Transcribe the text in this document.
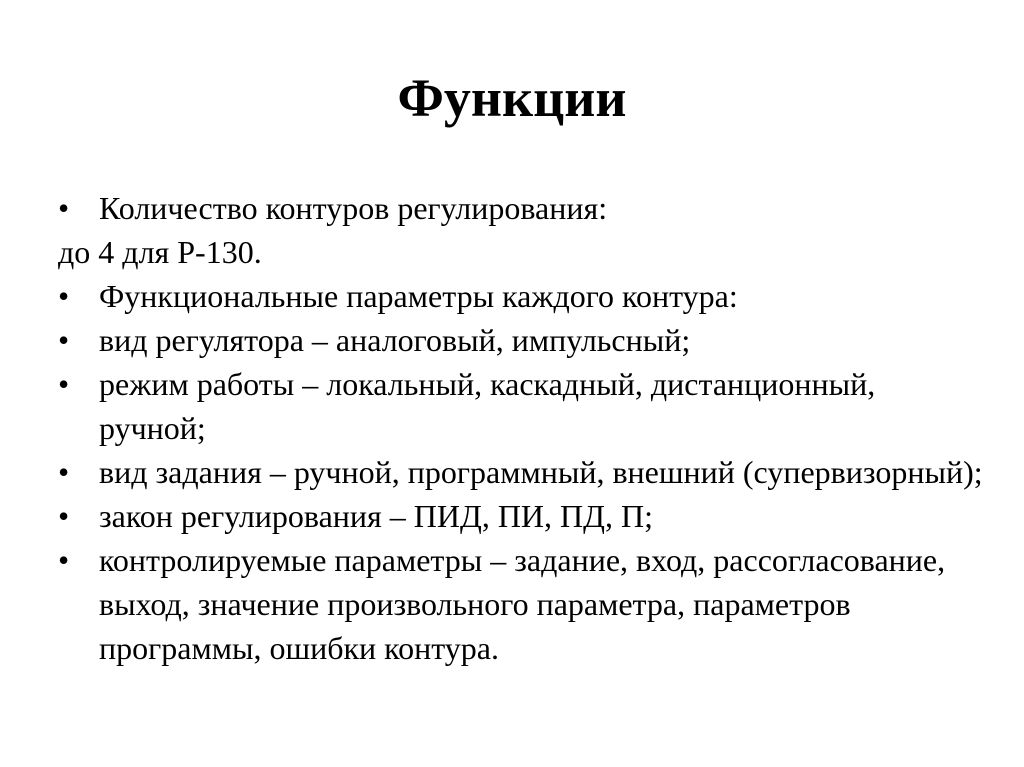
Функции
• Количество контуров регулирования:
до 4 для Р-130.
• Функциональные параметры каждого контура:
• вид регулятора – аналоговый, импульсный;
• режим работы – локальный, каскадный, дистанционный, ручной;
• вид задания – ручной, программный, внешний (супервизорный);
• закон регулирования – ПИД, ПИ, ПД, П;
• контролируемые параметры – задание, вход, рассогласование, выход, значение произвольного параметра, параметров программы, ошибки контура.
